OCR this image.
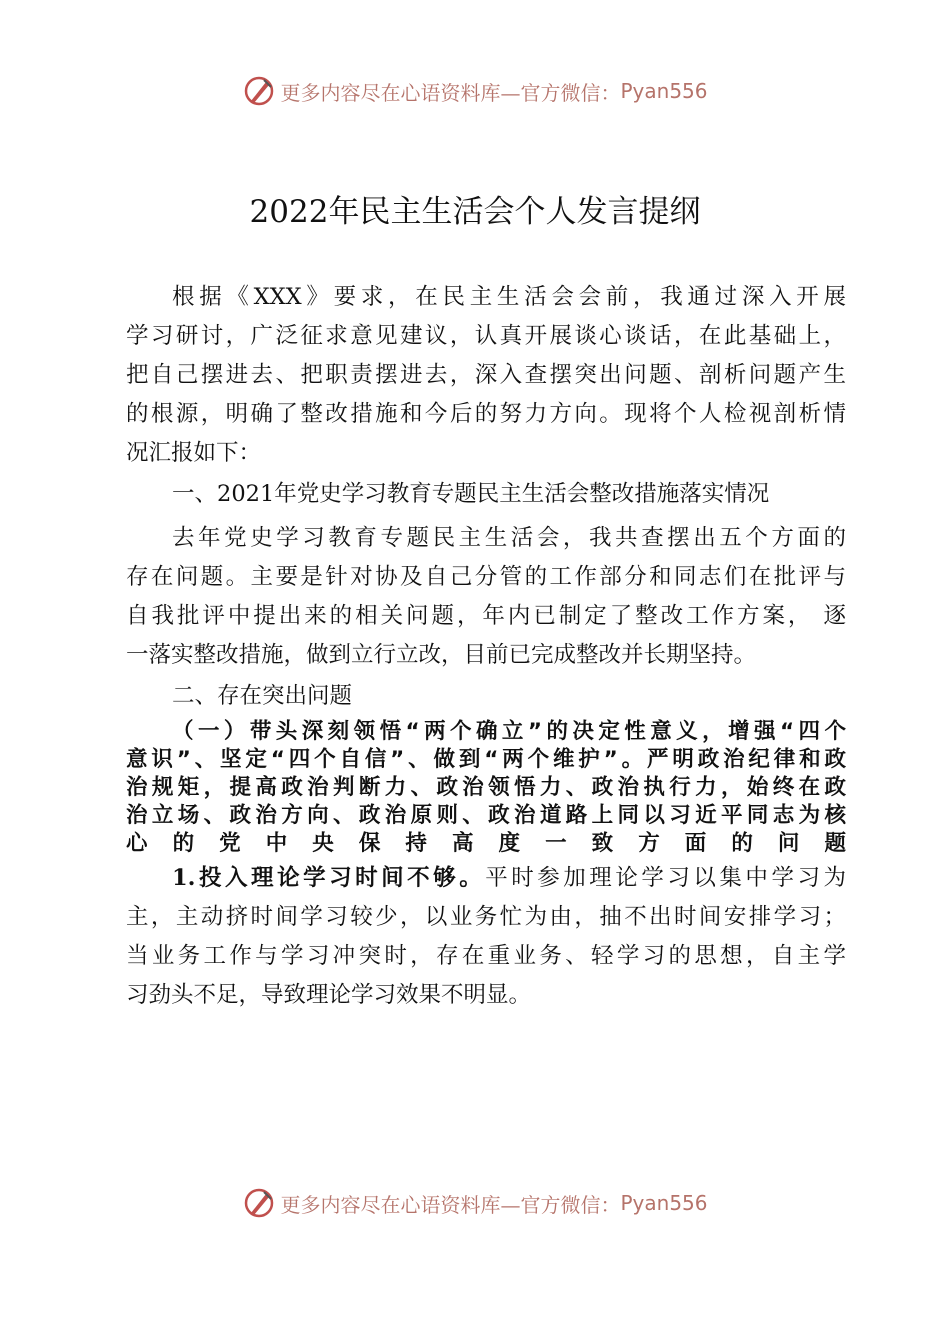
更多内容尽在心语资料库—官方微信： Pyan556
2022年民主生活会个人发言提纲
根据《XXX》要求，在民主生活会会前，我通过深入开展
学习研讨，广泛征求意见建议，认真开展谈心谈话，在此基础上，
把自己摆进去、把职责摆进去，深入查摆突出问题、剖析问题产生
的根源，明确了整改措施和今后的努力方向。现将个人检视剖析情
况汇报如下：
一、2021年党史学习教育专题民主生活会整改措施落实情况
去年党史学习教育专题民主生活会，我共查摆出五个方面的
存在问题。主要是针对协及自己分管的工作部分和同志们在批评与
自我批评中提出来的相关问题，年内已制定了整改工作方案， 逐
一落实整改措施，做到立行立改，目前已完成整改并长期坚持。
二、存在突出问题
（一）带头深刻领悟“两个确立”的决定性意义，增强“四个
意识”、坚定“四个自信”、做到“两个维护”。严明政治纪律和政
治规矩，提高政治判断力、政治领悟力、政治执行力，始终在政
治立场、政治方向、政治原则、政治道路上同以习近平同志为核
心的党中央保持高度一致方面的问题
1.投入理论学习时间不够。平时参加理论学习以集中学习为
主，主动挤时间学习较少，以业务忙为由，抽不出时间安排学习；
当业务工作与学习冲突时，存在重业务、轻学习的思想，自主学
习劲头不足，导致理论学习效果不明显。
更多内容尽在心语资料库—官方微信： Pyan556
